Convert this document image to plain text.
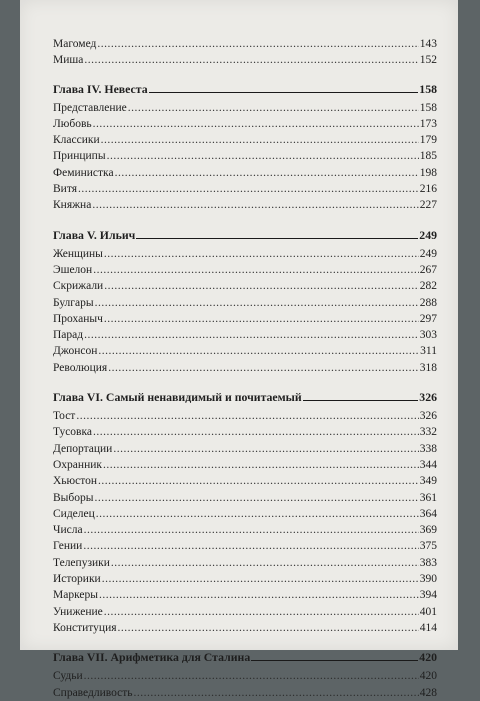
Магомед .....	143
Миша .....	152
Глава IV. Невеста	158
Представление .....	158
Любовь .....	173
Классики .....	179
Принципы .....	185
Феминистка .....	198
Витя .....	216
Княжна .....	227
Глава V. Ильич	249
Женщины .....	249
Эшелон .....	267
Скрижали .....	282
Булгары .....	288
Проханыч .....	297
Парад .....	303
Джонсон .....	311
Революция .....	318
Глава VI. Самый ненавидимый и почитаемый	326
Тост .....	326
Тусовка .....	332
Депортации .....	338
Охранник .....	344
Хьюстон .....	349
Выборы .....	361
Сиделец .....	364
Числа .....	369
Гении .....	375
Телепузики .....	383
Историки .....	390
Маркеры .....	394
Унижение .....	401
Конституция .....	414
Глава VII. Арифметика для Сталина	420
Судьи .....	420
Справедливость .....	428
